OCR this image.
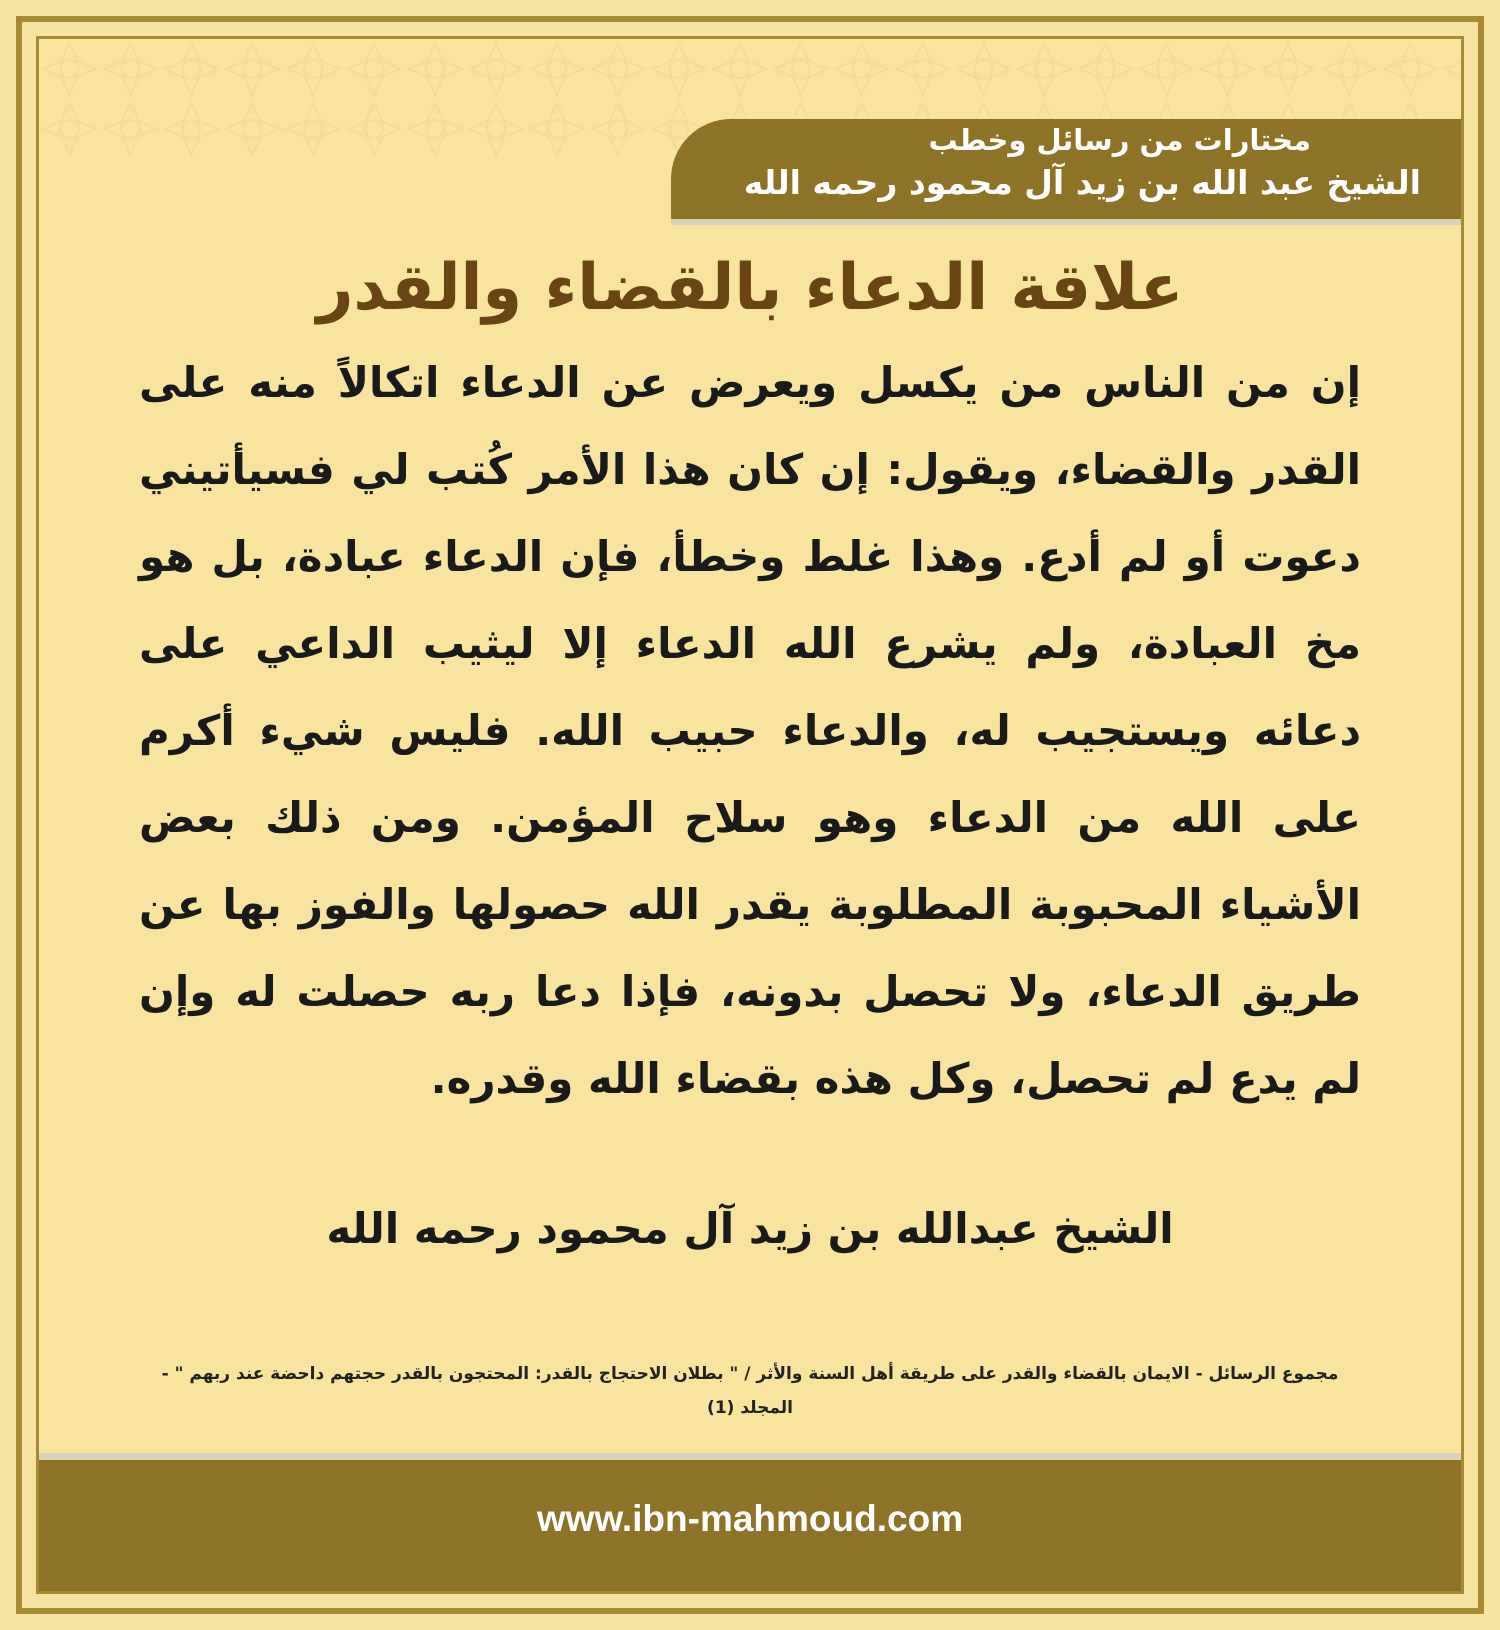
مختارات من رسائل وخطب
الشيخ عبد الله بن زيد آل محمود رحمه الله
علاقة الدعاء بالقضاء والقدر
إن من الناس من يكسل ويعرض عن الدعاء اتكالاً منه على القدر والقضاء، ويقول: إن كان هذا الأمر كُتب لي فسيأتيني دعوت أو لم أدع. وهذا غلط وخطأ، فإن الدعاء عبادة، بل هو مخ العبادة، ولم يشرع الله الدعاء إلا ليثيب الداعي على دعائه ويستجيب له، والدعاء حبيب الله. فليس شيء أكرم على الله من الدعاء وهو سلاح المؤمن. ومن ذلك بعض الأشياء المحبوبة المطلوبة يقدر الله حصولها والفوز بها عن طريق الدعاء، ولا تحصل بدونه، فإذا دعا ربه حصلت له وإن لم يدع لم تحصل، وكل هذه بقضاء الله وقدره.
الشيخ عبدالله بن زيد آل محمود رحمه الله
مجموع الرسائل - الايمان بالقضاء والقدر على طريقة أهل السنة والأثر / " بطلان الاحتجاج بالقدر: المحتجون بالقدر حجتهم داحضة عند ربهم " - المجلد (1)
www.ibn-mahmoud.com
